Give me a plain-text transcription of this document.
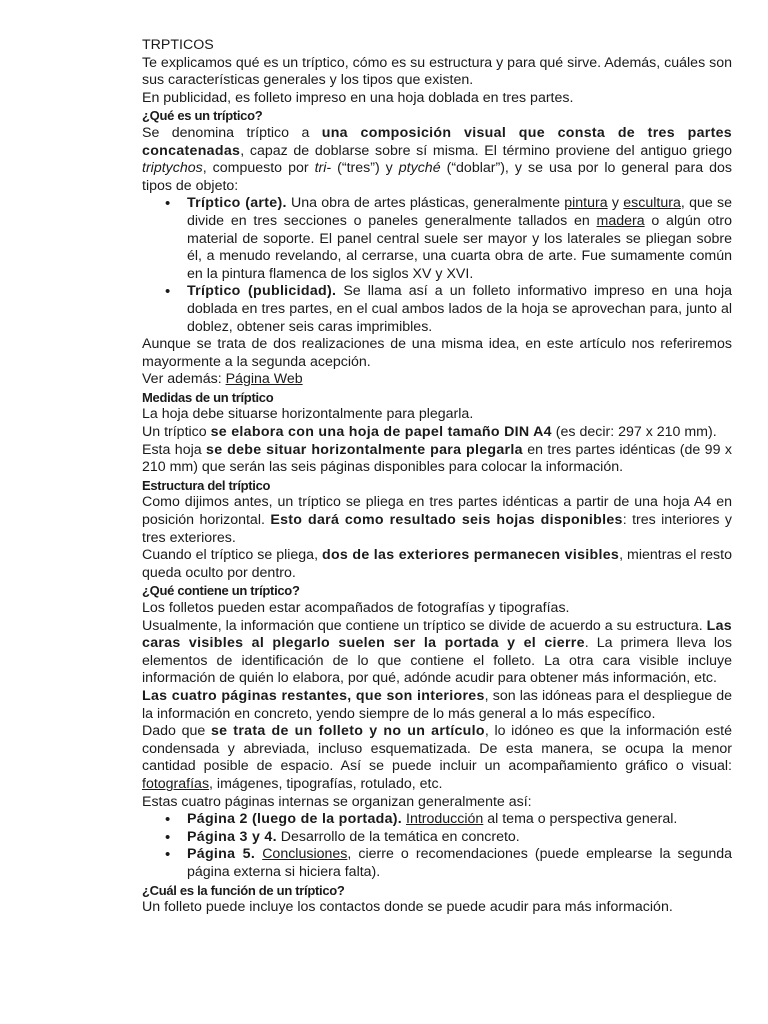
TRPTICOS

Te explicamos qué es un tríptico, cómo es su estructura y para qué sirve. Además, cuáles son sus características generales y los tipos que existen.

En publicidad, es folleto impreso en una hoja doblada en tres partes.

¿Qué es un tríptico?

Se denomina tríptico a una composición visual que consta de tres partes concatenadas, capaz de doblarse sobre sí misma. El término proviene del antiguo griego triptychos, compuesto por tri- (“tres”) y ptyché (“doblar”), y se usa por lo general para dos tipos de objeto:

• Tríptico (arte). Una obra de artes plásticas, generalmente pintura y escultura, que se divide en tres secciones o paneles generalmente tallados en madera o algún otro material de soporte. El panel central suele ser mayor y los laterales se pliegan sobre él, a menudo revelando, al cerrarse, una cuarta obra de arte. Fue sumamente común en la pintura flamenca de los siglos XV y XVI.
• Tríptico (publicidad). Se llama así a un folleto informativo impreso en una hoja doblada en tres partes, en el cual ambos lados de la hoja se aprovechan para, junto al doblez, obtener seis caras imprimibles.

Aunque se trata de dos realizaciones de una misma idea, en este artículo nos referiremos mayormente a la segunda acepción.

Ver además: Página Web

Medidas de un tríptico

La hoja debe situarse horizontalmente para plegarla.

Un tríptico se elabora con una hoja de papel tamaño DIN A4 (es decir: 297 x 210 mm).

Esta hoja se debe situar horizontalmente para plegarla en tres partes idénticas (de 99 x 210 mm) que serán las seis páginas disponibles para colocar la información.

Estructura del tríptico

Como dijimos antes, un tríptico se pliega en tres partes idénticas a partir de una hoja A4 en posición horizontal. Esto dará como resultado seis hojas disponibles: tres interiores y tres exteriores.

Cuando el tríptico se pliega, dos de las exteriores permanecen visibles, mientras el resto queda oculto por dentro.

¿Qué contiene un tríptico?

Los folletos pueden estar acompañados de fotografías y tipografías.

Usualmente, la información que contiene un tríptico se divide de acuerdo a su estructura. Las caras visibles al plegarlo suelen ser la portada y el cierre. La primera lleva los elementos de identificación de lo que contiene el folleto. La otra cara visible incluye información de quién lo elabora, por qué, adónde acudir para obtener más información, etc.

Las cuatro páginas restantes, que son interiores, son las idóneas para el despliegue de la información en concreto, yendo siempre de lo más general a lo más específico.

Dado que se trata de un folleto y no un artículo, lo idóneo es que la información esté condensada y abreviada, incluso esquematizada. De esta manera, se ocupa la menor cantidad posible de espacio. Así se puede incluir un acompañamiento gráfico o visual: fotografías, imágenes, tipografías, rotulado, etc.

Estas cuatro páginas internas se organizan generalmente así:

• Página 2 (luego de la portada). Introducción al tema o perspectiva general.
• Página 3 y 4. Desarrollo de la temática en concreto.
• Página 5. Conclusiones, cierre o recomendaciones (puede emplearse la segunda página externa si hiciera falta).

¿Cuál es la función de un tríptico?

Un folleto puede incluye los contactos donde se puede acudir para más información.
